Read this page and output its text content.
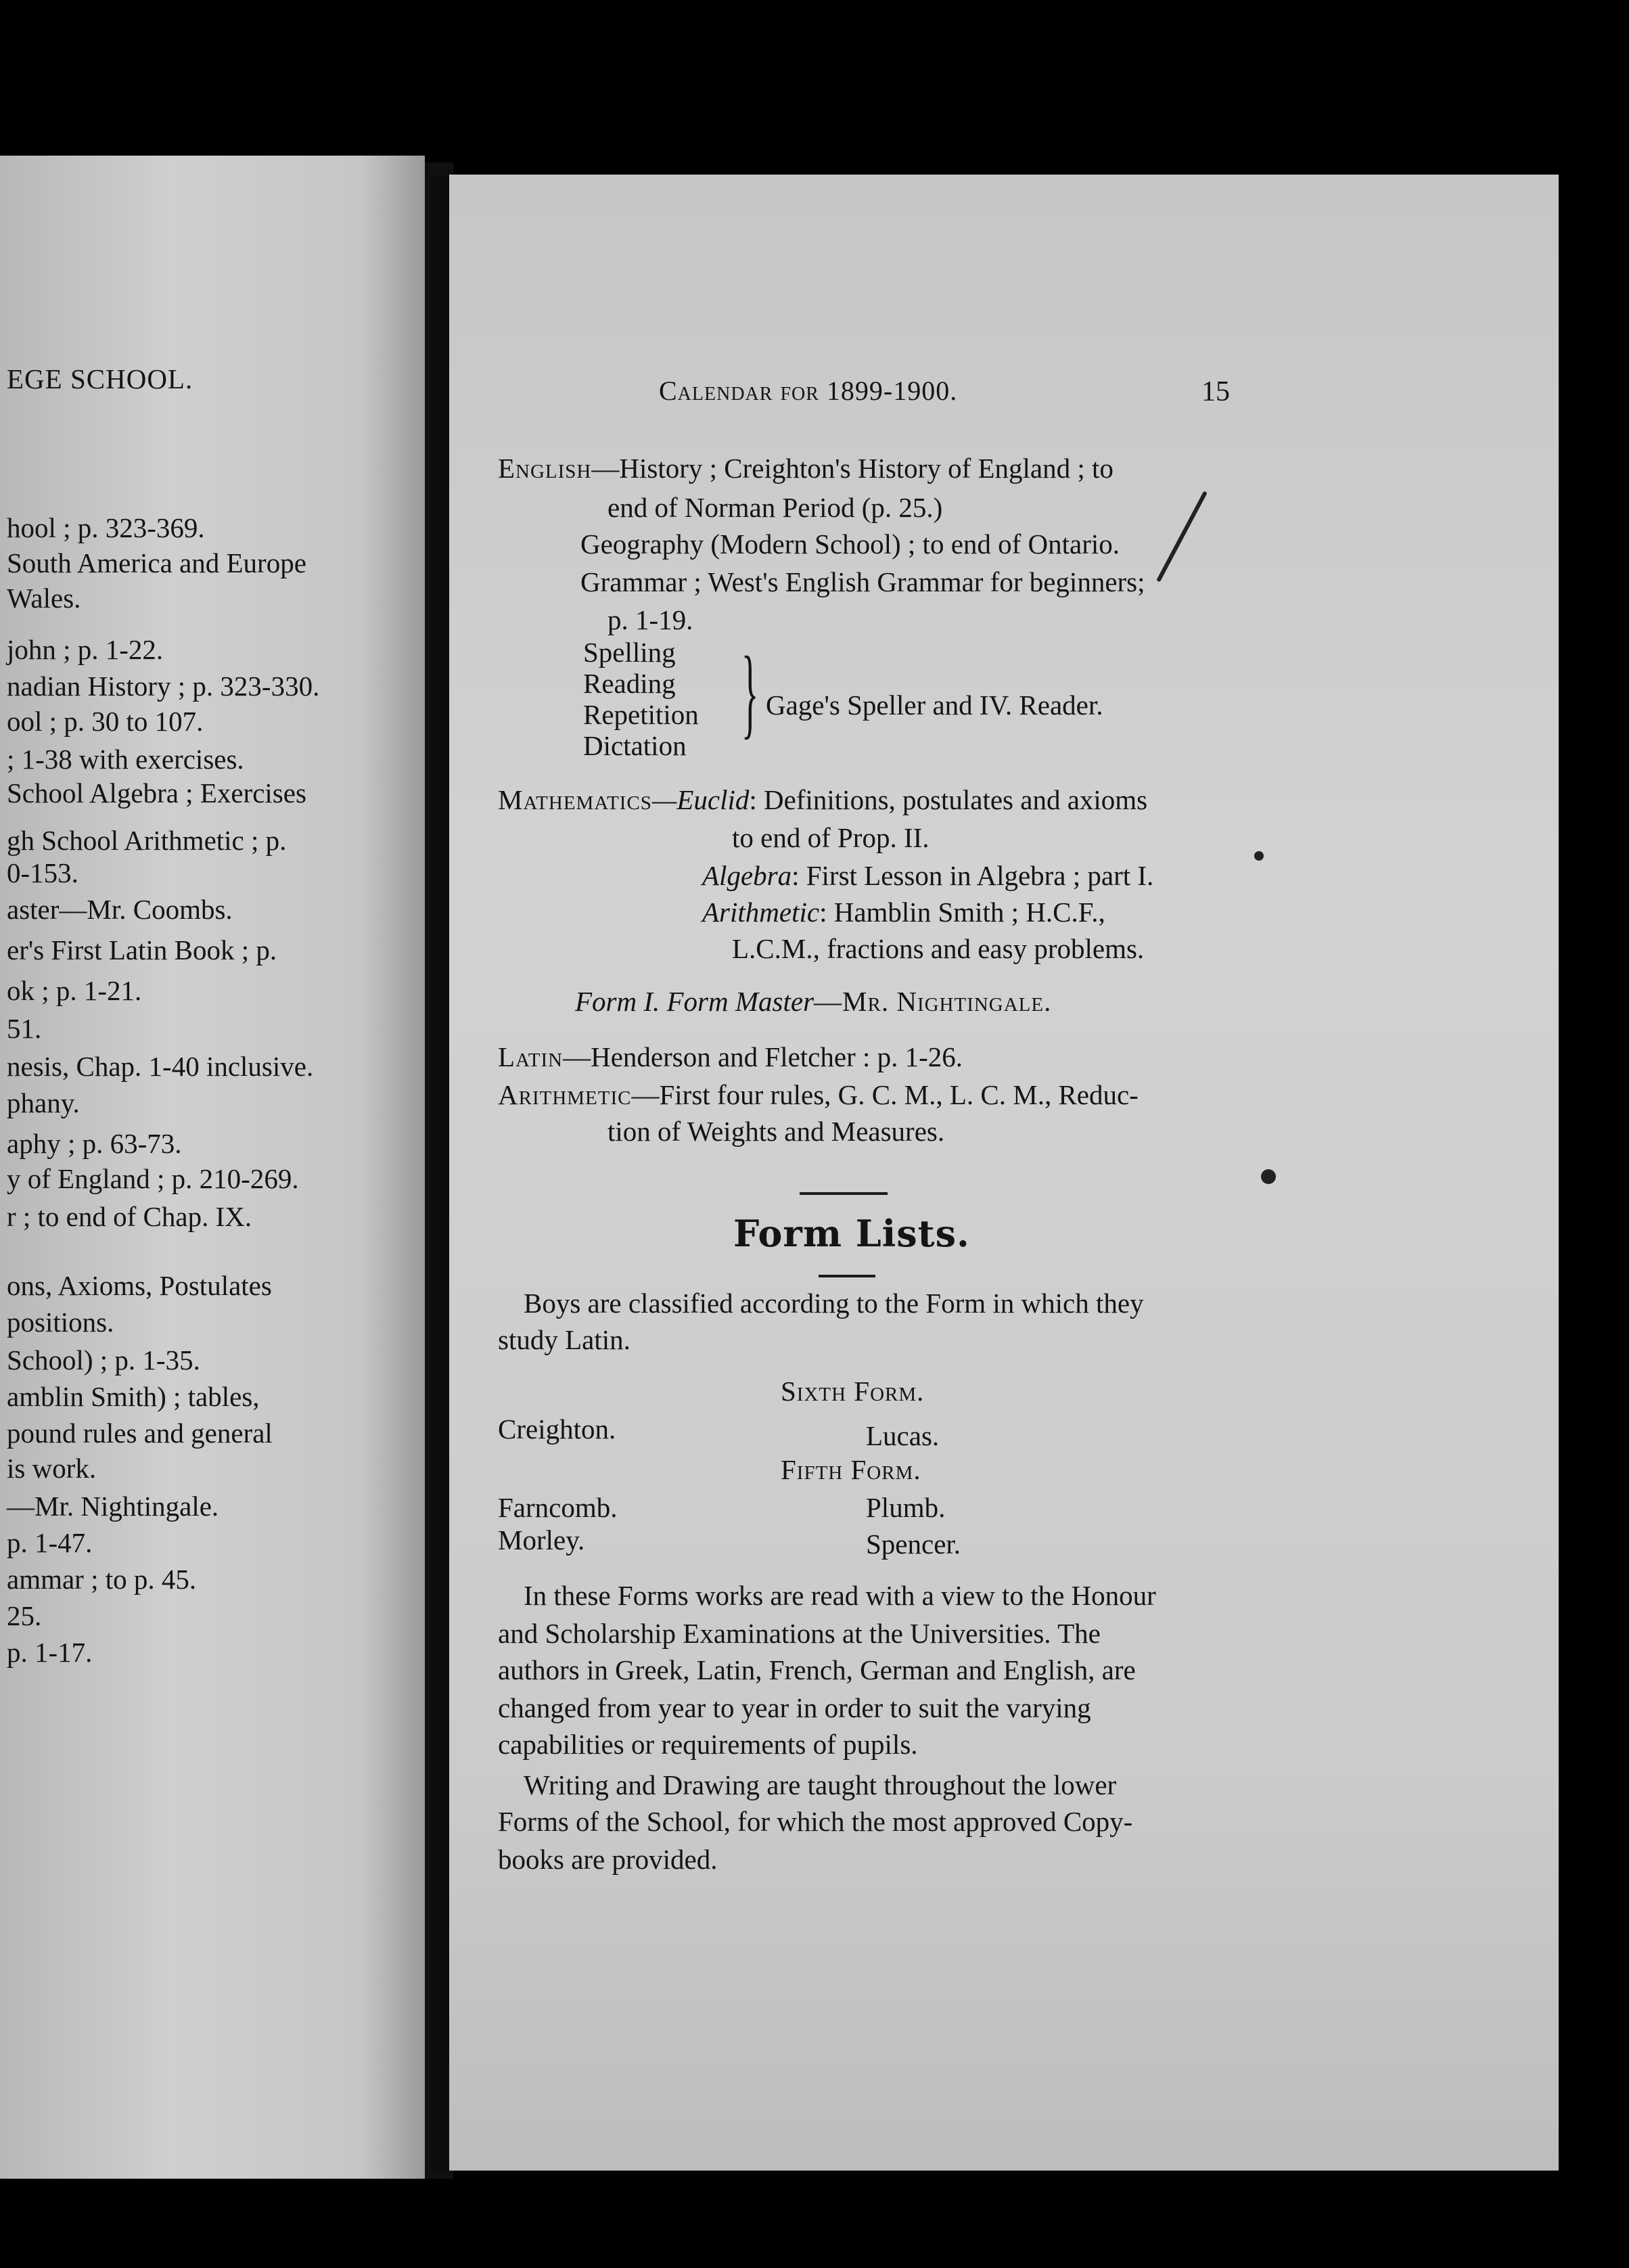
EGE SCHOOL.
hool ; p. 323-369.
South America and Europe
Wales.
john ; p. 1-22.
nadian History ; p. 323-330.
ool ; p. 30 to 107.
; 1-38 with exercises.
School Algebra ; Exercises
gh School Arithmetic ; p.
0-153.
aster—Mr. Coombs.
er's First Latin Book ; p.
ok ; p. 1-21.
51.
nesis, Chap. 1-40 inclusive.
phany.
aphy ; p. 63-73.
y of England ; p. 210-269.
r ; to end of Chap. IX.
ons, Axioms, Postulates
positions.
School) ; p. 1-35.
amblin Smith) ; tables,
pound rules and general
is work.
—Mr. Nightingale.
p. 1-47.
ammar ; to p. 45.
25.
p. 1-17.
Calendar for 1899-1900.	15
English—History ; Creighton's History of England ; to
end of Norman Period (p. 25.)
Geography (Modern School) ; to end of Ontario.
Grammar ; West's English Grammar for beginners;
p. 1-19.
Spelling
Reading
Repetition
Dictation } Gage's Speller and IV. Reader.
Mathematics—Euclid: Definitions, postulates and axioms
to end of Prop. II.
Algebra: First Lesson in Algebra ; part I.
Arithmetic: Hamblin Smith ; H.C.F.,
L.C.M., fractions and easy problems.
Form I. Form Master—Mr. Nightingale.
Latin—Henderson and Fletcher : p. 1-26.
Arithmetic—First four rules, G. C. M., L. C. M., Reduc-
tion of Weights and Measures.
Form Lists.
Boys are classified according to the Form in which they
study Latin.
Sixth Form.
Creighton.	Lucas.
Fifth Form.
Farncomb.	Plumb.
Morley.	Spencer.
In these Forms works are read with a view to the Honour
and Scholarship Examinations at the Universities. The
authors in Greek, Latin, French, German and English, are
changed from year to year in order to suit the varying
capabilities or requirements of pupils.
Writing and Drawing are taught throughout the lower
Forms of the School, for which the most approved Copy-
books are provided.
